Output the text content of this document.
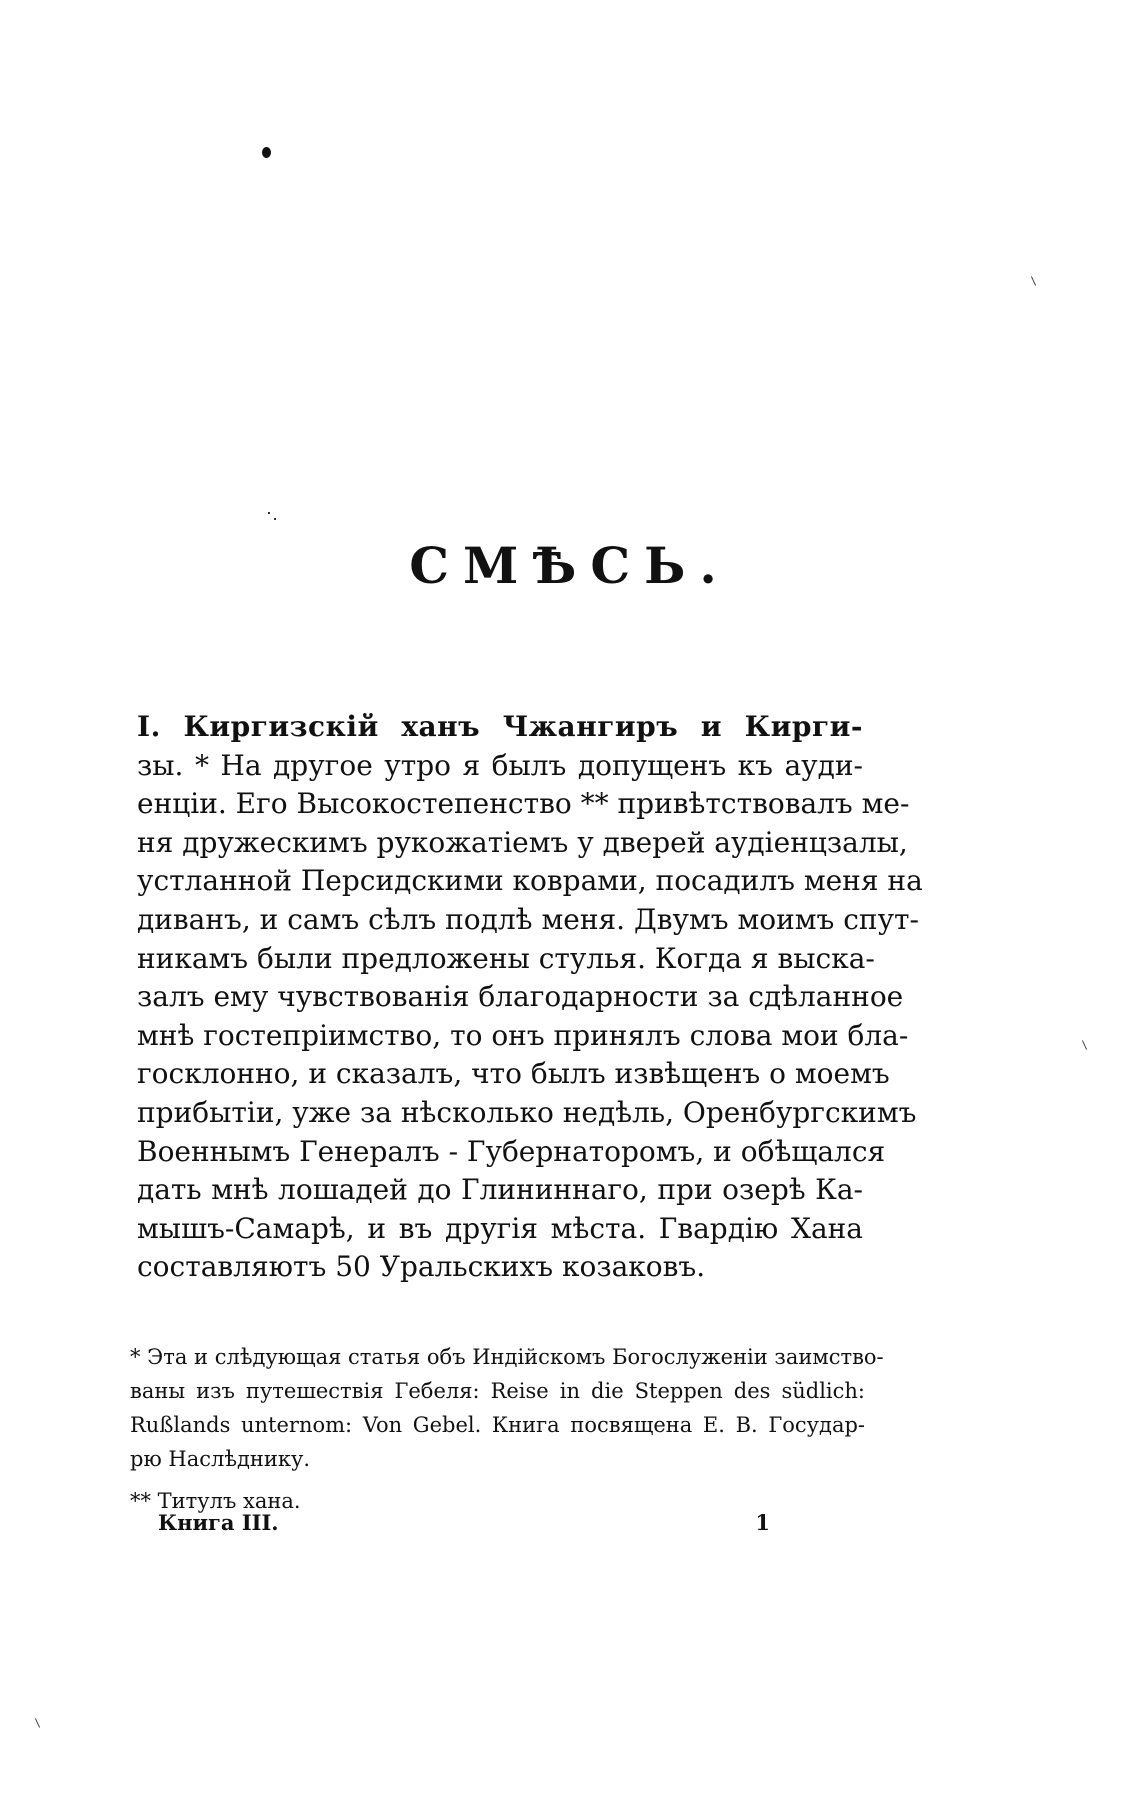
СМѢСЬ.
I. Киргизскій ханъ Чжангиръ и Кирги-
зы. * На другое утро я былъ допущенъ къ ауди-
енціи. Его Высокостепенство ** привѣтствовалъ ме-
ня дружескимъ рукожатіемъ у дверей аудіенцзалы,
устланной Персидскими коврами, посадилъ меня на
диванъ, и самъ сѣлъ подлѣ меня. Двумъ моимъ спут-
никамъ были предложены стулья. Когда я выска-
залъ ему чувствованія благодарности за сдѣланное
мнѣ гостепріимство, то онъ принялъ слова мои бла-
госклонно, и сказалъ, что былъ извѣщенъ о моемъ
прибытіи, уже за нѣсколько недѣль, Оренбургскимъ
Военнымъ Генералъ - Губернаторомъ, и обѣщался
дать мнѣ лошадей до Глининнаго, при озерѣ Ка-
мышъ-Самарѣ, и въ другія мѣста. Гвардію Хана
составляютъ 50 Уральскихъ козаковъ.
* Эта и слѣдующая статья объ Индійскомъ Богослуженіи заимство-
ваны изъ путешествія Гебеля: Reise in die Steppen des südlich:
Rußlands unternom: Von Gebel. Книга посвящена Е. В. Государ-
рю Наслѣднику.
** Титулъ хана.
Книга III.	1
